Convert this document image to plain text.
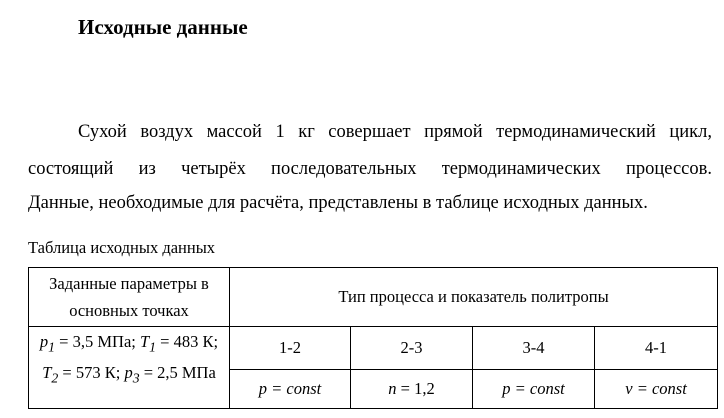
Исходные данные
Сухой воздух массой 1 кг совершает прямой термодинамический цикл,
состоящий из четырёх последовательных термодинамических процессов.
Данные, необходимые для расчёта, представлены в таблице исходных данных.
Таблица исходных данных
Заданные параметры в
основных точках	Тип процесса и показатель политропы			

$p_1 = 3,5$ МПа; $T_1 = 483$ К;
$T_2 = 573$ К; $p_3 = 2,5$ МПа	1-2	2-3	3-4	4-1
	p = const	n = 1,2	p = const	v = const
